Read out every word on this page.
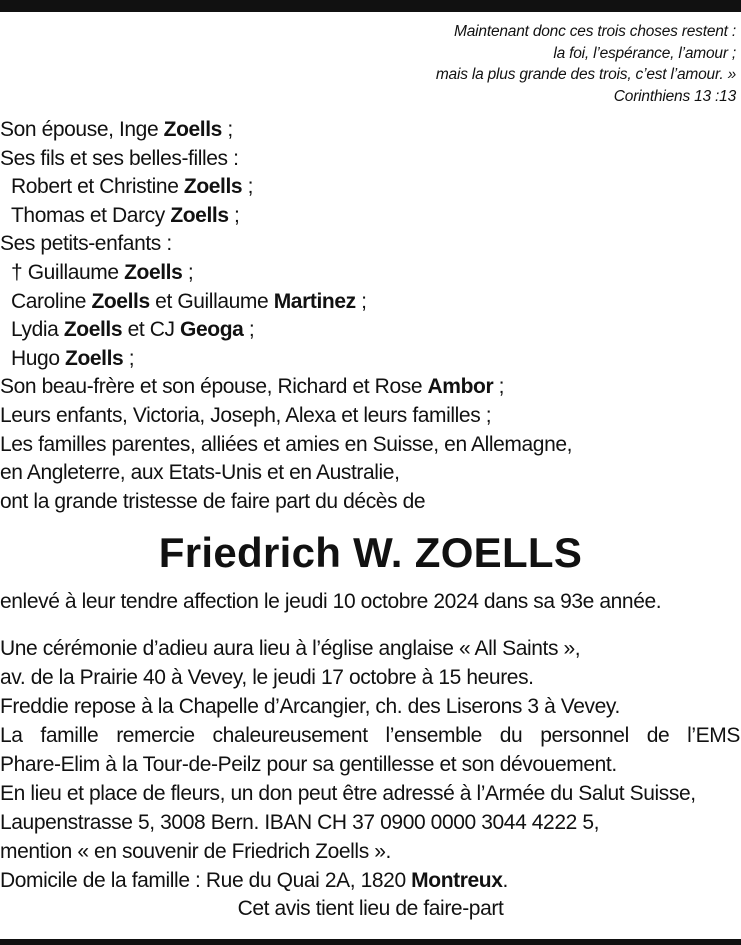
Maintenant donc ces trois choses restent :
la foi, l’espérance, l’amour ;
mais la plus grande des trois, c’est l’amour. »
Corinthiens 13 :13
Son épouse, Inge Zoells ;
Ses fils et ses belles-filles :
Robert et Christine Zoells ;
Thomas et Darcy Zoells ;
Ses petits-enfants :
† Guillaume Zoells ;
Caroline Zoells et Guillaume Martinez ;
Lydia Zoells et CJ Geoga ;
Hugo Zoells ;
Son beau-frère et son épouse, Richard et Rose Ambor ;
Leurs enfants, Victoria, Joseph, Alexa et leurs familles ;
Les familles parentes, alliées et amies en Suisse, en Allemagne,
en Angleterre, aux Etats-Unis et en Australie,
ont la grande tristesse de faire part du décès de
Friedrich W. ZOELLS
enlevé à leur tendre affection le jeudi 10 octobre 2024 dans sa 93e année.
Une cérémonie d’adieu aura lieu à l’église anglaise « All Saints »,
av. de la Prairie 40 à Vevey, le jeudi 17 octobre à 15 heures.
Freddie repose à la Chapelle d’Arcangier, ch. des Liserons 3 à Vevey.
La famille remercie chaleureusement l’ensemble du personnel de l’EMS
Phare-Elim à la Tour-de-Peilz pour sa gentillesse et son dévouement.
En lieu et place de fleurs, un don peut être adressé à l’Armée du Salut Suisse,
Laupenstrasse 5, 3008 Bern. IBAN CH 37 0900 0000 3044 4222 5,
mention « en souvenir de Friedrich Zoells ».
Domicile de la famille : Rue du Quai 2A, 1820 Montreux.
Cet avis tient lieu de faire-part
